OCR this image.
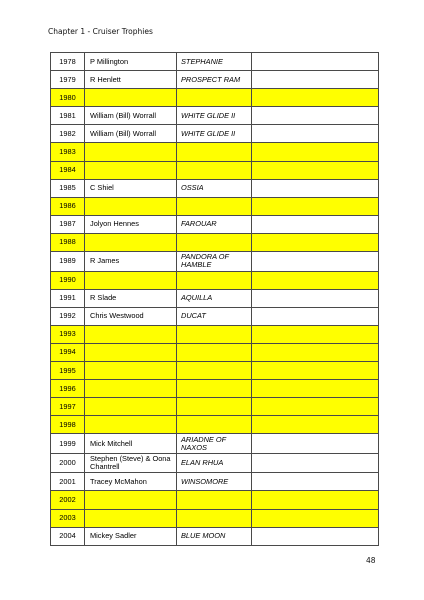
Chapter 1 - Cruiser Trophies
1978	P Millington	STEPHANIE	
1979	R Henlett	PROSPECT RAM	
1980			
1981	William (Bill) Worrall	WHITE GLIDE II	
1982	William (Bill) Worrall	WHITE GLIDE II	
1983			
1984			
1985	C Shiel	OSSIA	
1986			
1987	Jolyon Hennes	FAROUAR	
1988			
1989	R James	PANDORA OF HAMBLE	
1990			
1991	R Slade	AQUILLA	
1992	Chris Westwood	DUCAT	
1993			
1994			
1995			
1996			
1997			
1998			
1999	Mick Mitchell	ARIADNE OF NAXOS	
2000	Stephen (Steve) & Oona Chantrell	ELAN RHUA	
2001	Tracey McMahon	WINSOMORE	
2002			
2003			
2004	Mickey Sadler	BLUE MOON	
48
